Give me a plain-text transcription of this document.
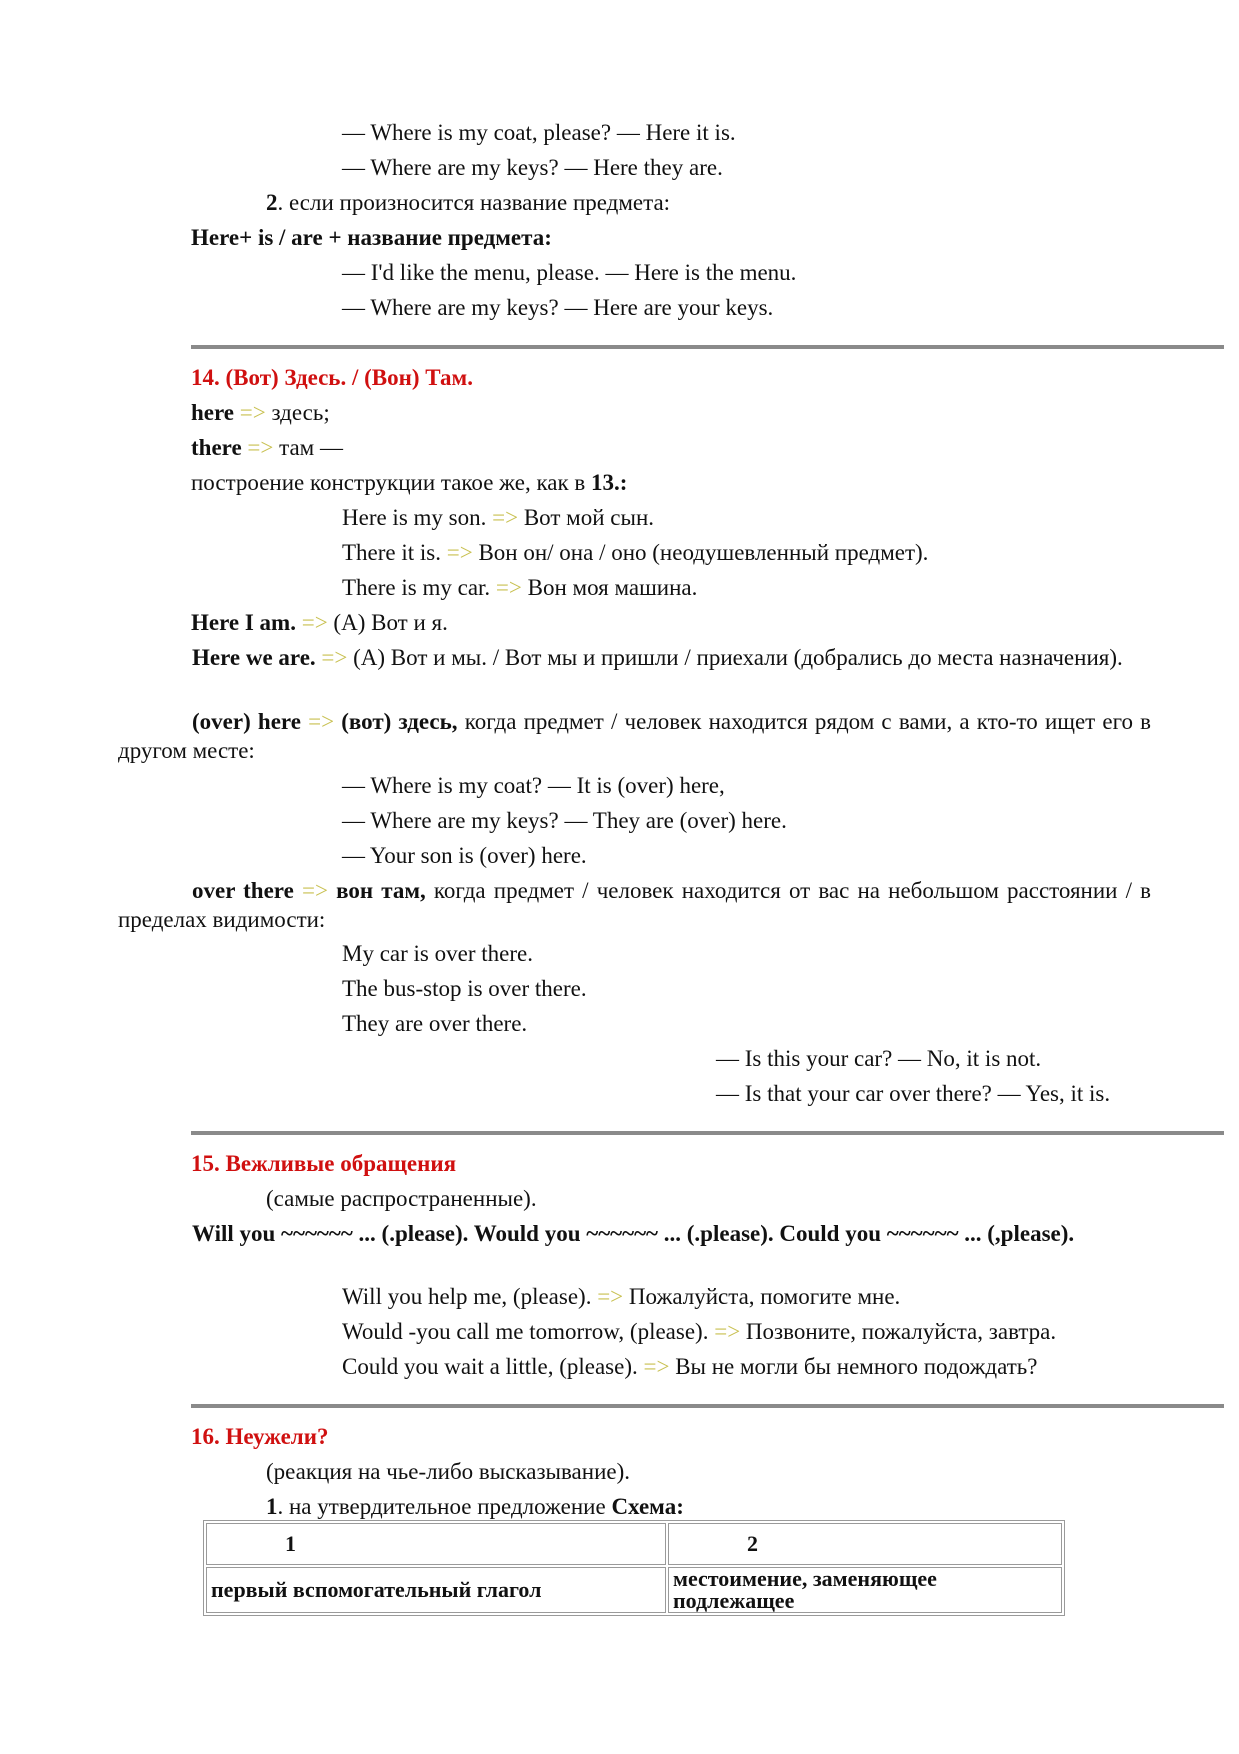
— Where is my coat, please? — Here it is.
— Where are my keys? — Here they are.
2. если произносится название предмета:
Here+ is / are + название предмета:
— I'd like the menu, please. — Here is the menu.
— Where are my keys? — Here are your keys.
14. (Вот) Здесь. / (Вон) Там.
here => здесь;
there => там —
построение конструкции такое же, как в 13.:
Here is my son. => Вот мой сын.
There it is. => Вон он/ она / оно (неодушевленный предмет).
There is my car. => Вон моя машина.
Here I am. => (А) Вот и я.
Here we are. => (А) Вот и мы. / Вот мы и пришли / приехали (добрались до места назначения).
(over) here => (вот) здесь, когда предмет / человек находится рядом с вами, а кто-то ищет его в другом месте:
— Where is my coat? — It is (over) here,
— Where are my keys? — They are (over) here.
— Your son is (over) here.
over there => вон там, когда предмет / человек находится от вас на небольшом расстоянии / в пределах видимости:
My car is over there.
The bus-stop is over there.
They are over there.
— Is this your car? — No, it is not.
— Is that your car over there? — Yes, it is.
15. Вежливые обращения
(самые распространенные).
Will you ~~~~~~ ... (.please). Would you ~~~~~~ ... (.please). Could you ~~~~~~ ... (,please).
Will you help me, (please). => Пожалуйста, помогите мне.
Would -you call me tomorrow, (please). => Позвоните, пожалуйста, завтра.
Could you wait a little, (please). => Вы не могли бы немного подождать?
16. Неужели?
(реакция на чье-либо высказывание).
1. на утвердительное предложение Схема:
1	2
первый вспомогательный глагол	местоимение, заменяющее подлежащее
